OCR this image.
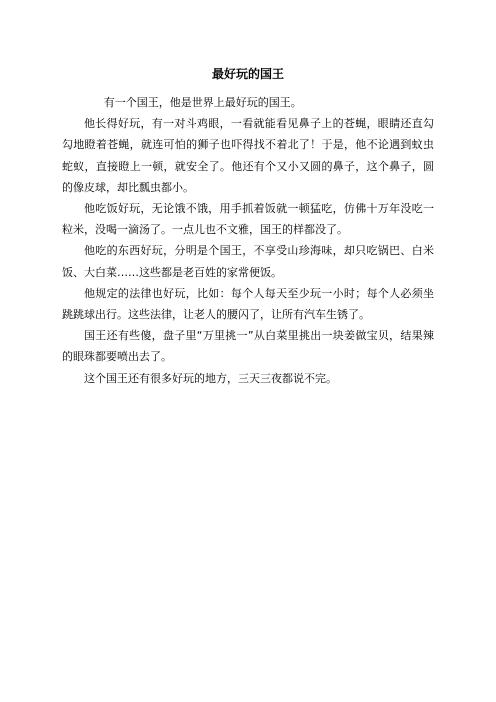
最好玩的国王

有一个国王，他是世界上最好玩的国王。

他长得好玩，有一对斗鸡眼，一看就能看见鼻子上的苍蝇，眼睛还直勾勾地瞪着苍蝇，就连可怕的狮子也吓得找不着北了！于是，他不论遇到蚊虫蛇蚁，直接瞪上一顿，就安全了。他还有个又小又圆的鼻子，这个鼻子，圆的像皮球，却比瓢虫都小。

他吃饭好玩，无论饿不饿，用手抓着饭就一顿猛吃，仿佛十万年没吃一粒米，没喝一滴汤了。一点儿也不文雅，国王的样都没了。

他吃的东西好玩，分明是个国王，不享受山珍海味，却只吃锅巴、白米饭、大白菜……这些都是老百姓的家常便饭。

他规定的法律也好玩，比如：每个人每天至少玩一小时；每个人必须坐跳跳球出行。这些法律，让老人的腰闪了，让所有汽车生锈了。

国王还有些傻，盘子里“万里挑一”从白菜里挑出一块姜做宝贝，结果辣的眼珠都要喷出去了。

这个国王还有很多好玩的地方，三天三夜都说不完。
